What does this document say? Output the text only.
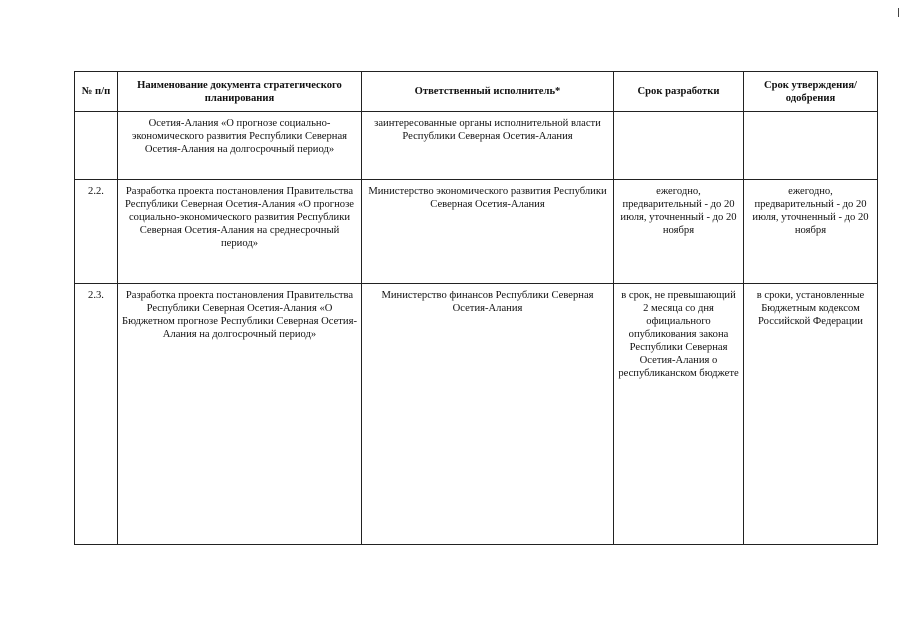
№ п/п	Наименование документа стратегического планирования	Ответственный исполнитель*	Срок разработки	Срок утверждения/ одобрения
	Осетия-Алания «О прогнозе социально-экономического развития Республики Северная Осетия-Алания на долгосрочный период»	заинтересованные органы исполнительной власти Республики Северная Осетия-Алания		
2.2.	Разработка проекта постановления Правительства Республики Северная Осетия-Алания «О прогнозе социально-экономического развития Республики Северная Осетия-Алания на среднесрочный период»	Министерство экономического развития Республики Северная Осетия-Алания	ежегодно, предварительный - до 20 июля, уточненный - до 20 ноября	ежегодно, предварительный - до 20 июля, уточненный - до 20 ноября
2.3.	Разработка проекта постановления Правительства Республики Северная Осетия-Алания «О Бюджетном прогнозе Республики Северная Осетия-Алания на долгосрочный период»	Министерство финансов Республики Северная Осетия-Алания	в срок, не превышающий 2 месяца со дня официального опубликования закона Республики Северная Осетия-Алания о республиканском бюджете	в сроки, установленные Бюджетным кодексом Российской Федерации
